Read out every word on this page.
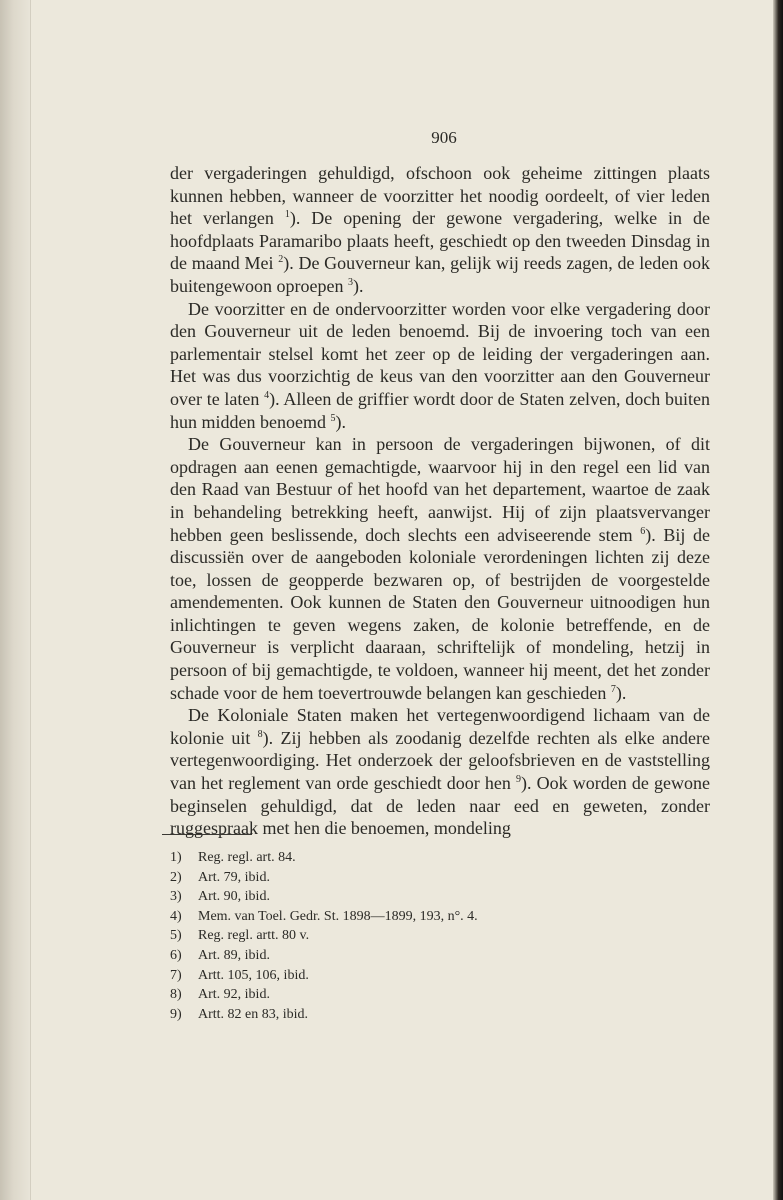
906

der vergaderingen gehuldigd, ofschoon ook geheime zittingen plaats kunnen hebben, wanneer de voorzitter het noodig oordeelt, of vier leden het verlangen $^1$). De opening der gewone vergadering, welke in de hoofdplaats Paramaribo plaats heeft, geschiedt op den tweeden Dinsdag in de maand Mei $^2$). De Gouverneur kan, gelijk wij reeds zagen, de leden ook buitengewoon oproepen $^3$).

De voorzitter en de ondervoorzitter worden voor elke vergadering door den Gouverneur uit de leden benoemd. Bij de invoering toch van een parlementair stelsel komt het zeer op de leiding der vergaderingen aan. Het was dus voorzichtig de keus van den voorzitter aan den Gouverneur over te laten $^4$). Alleen de griffier wordt door de Staten zelven, doch buiten hun midden benoemd $^5$).

De Gouverneur kan in persoon de vergaderingen bijwonen, of dit opdragen aan eenen gemachtigde, waarvoor hij in den regel een lid van den Raad van Bestuur of het hoofd van het departement, waartoe de zaak in behandeling betrekking heeft, aanwijst. Hij of zijn plaatsvervanger hebben geen beslissende, doch slechts een adviseerende stem $^6$). Bij de discussiën over de aangeboden koloniale verordeningen lichten zij deze toe, lossen de geopperde bezwaren op, of bestrijden de voorgestelde amendementen. Ook kunnen de Staten den Gouverneur uitnoodigen hun inlichtingen te geven wegens zaken, de kolonie betreffende, en de Gouverneur is verplicht daaraan, schriftelijk of mondeling, hetzij in persoon of bij gemachtigde, te voldoen, wanneer hij meent, det het zonder schade voor de hem toevertrouwde belangen kan geschieden $^7$).

De Koloniale Staten maken het vertegenwoordigend lichaam van de kolonie uit $^8$). Zij hebben als zoodanig dezelfde rechten als elke andere vertegenwoordiging. Het onderzoek der geloofsbrieven en de vaststelling van het reglement van orde geschiedt door hen $^9$). Ook worden de gewone beginselen gehuldigd, dat de leden naar eed en geweten, zonder ruggespraak met hen die benoemen, mondeling

1) Reg. regl. art. 84.
2) Art. 79, ibid.
3) Art. 90, ibid.
4) Mem. van Toel. Gedr. St. 1898—1899, 193, n°. 4.
5) Reg. regl. artt. 80 v.
6) Art. 89, ibid.
7) Artt. 105, 106, ibid.
8) Art. 92, ibid.
9) Artt. 82 en 83, ibid.
